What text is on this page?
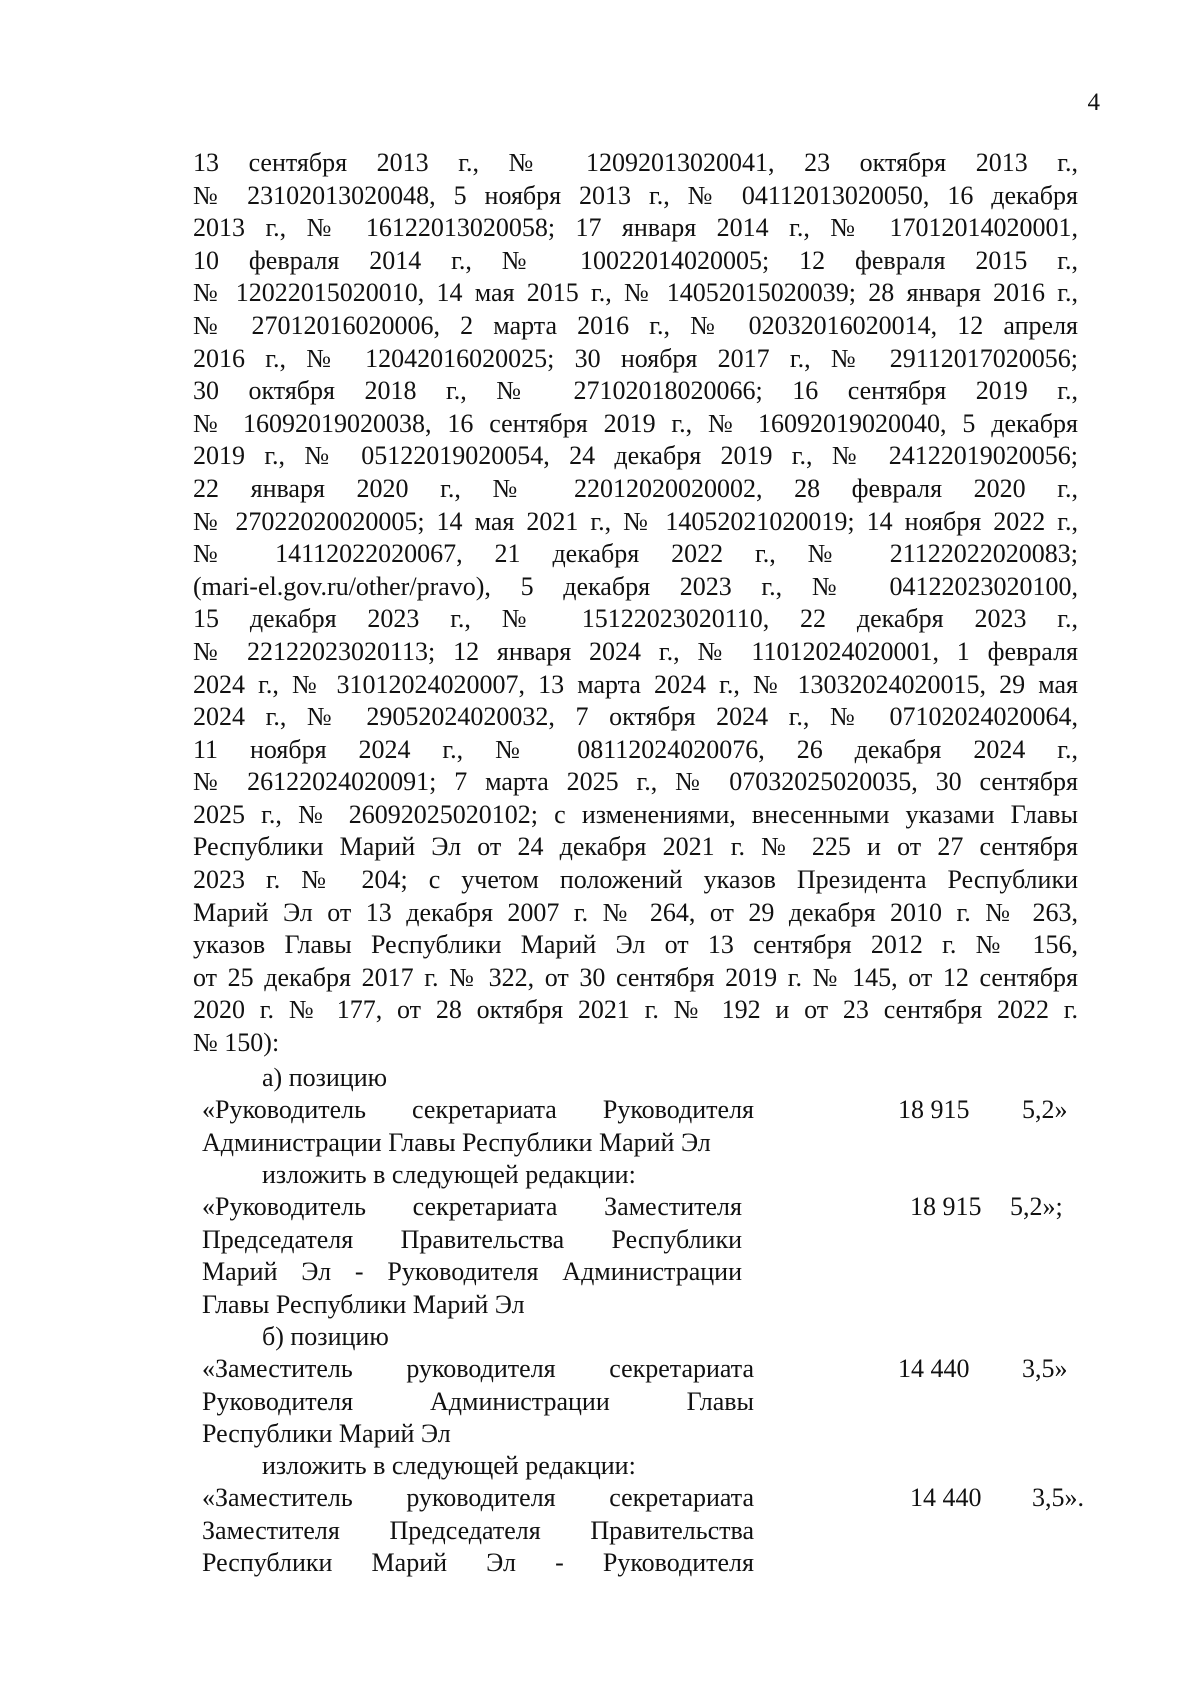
4
13 сентября 2013 г., № 12092013020041, 23 октября 2013 г.,
№ 23102013020048, 5 ноября 2013 г., № 04112013020050, 16 декабря
2013 г., № 16122013020058; 17 января 2014 г., № 17012014020001,
10 февраля 2014 г., № 10022014020005; 12 февраля 2015 г.,
№ 12022015020010, 14 мая 2015 г., № 14052015020039; 28 января 2016 г.,
№ 27012016020006, 2 марта 2016 г., № 02032016020014, 12 апреля
2016 г., № 12042016020025; 30 ноября 2017 г., № 29112017020056;
30 октября 2018 г., № 27102018020066; 16 сентября 2019 г.,
№ 16092019020038, 16 сентября 2019 г., № 16092019020040, 5 декабря
2019 г., № 05122019020054, 24 декабря 2019 г., № 24122019020056;
22 января 2020 г., № 22012020020002, 28 февраля 2020 г.,
№ 27022020020005; 14 мая 2021 г., № 14052021020019; 14 ноября 2022 г.,
№ 14112022020067, 21 декабря 2022 г., № 21122022020083;
(mari-el.gov.ru/other/pravo), 5 декабря 2023 г., № 04122023020100,
15 декабря 2023 г., № 15122023020110, 22 декабря 2023 г.,
№ 22122023020113; 12 января 2024 г., № 11012024020001, 1 февраля
2024 г., № 31012024020007, 13 марта 2024 г., № 13032024020015, 29 мая
2024 г., № 29052024020032, 7 октября 2024 г., № 07102024020064,
11 ноября 2024 г., № 08112024020076, 26 декабря 2024 г.,
№ 26122024020091; 7 марта 2025 г., № 07032025020035, 30 сентября
2025 г., № 26092025020102; с изменениями, внесенными указами Главы
Республики Марий Эл от 24 декабря 2021 г. № 225 и от 27 сентября
2023 г. № 204; с учетом положений указов Президента Республики
Марий Эл от 13 декабря 2007 г. № 264, от 29 декабря 2010 г. № 263,
указов Главы Республики Марий Эл от 13 сентября 2012 г. № 156,
от 25 декабря 2017 г. № 322, от 30 сентября 2019 г. № 145, от 12 сентября
2020 г. № 177, от 28 октября 2021 г. № 192 и от 23 сентября 2022 г.
№ 150):
а) позицию
«Руководитель секретариата Руководителя
Администрации Главы Республики Марий Эл
18 915 5,2»
изложить в следующей редакции:
«Руководитель секретариата Заместителя
Председателя Правительства Республики
Марий Эл - Руководителя Администрации
Главы Республики Марий Эл
18 915 5,2»;
б) позицию
«Заместитель руководителя секретариата
Руководителя Администрации Главы
Республики Марий Эл
14 440 3,5»
изложить в следующей редакции:
«Заместитель руководителя секретариата
Заместителя Председателя Правительства
Республики Марий Эл - Руководителя
14 440 3,5».
